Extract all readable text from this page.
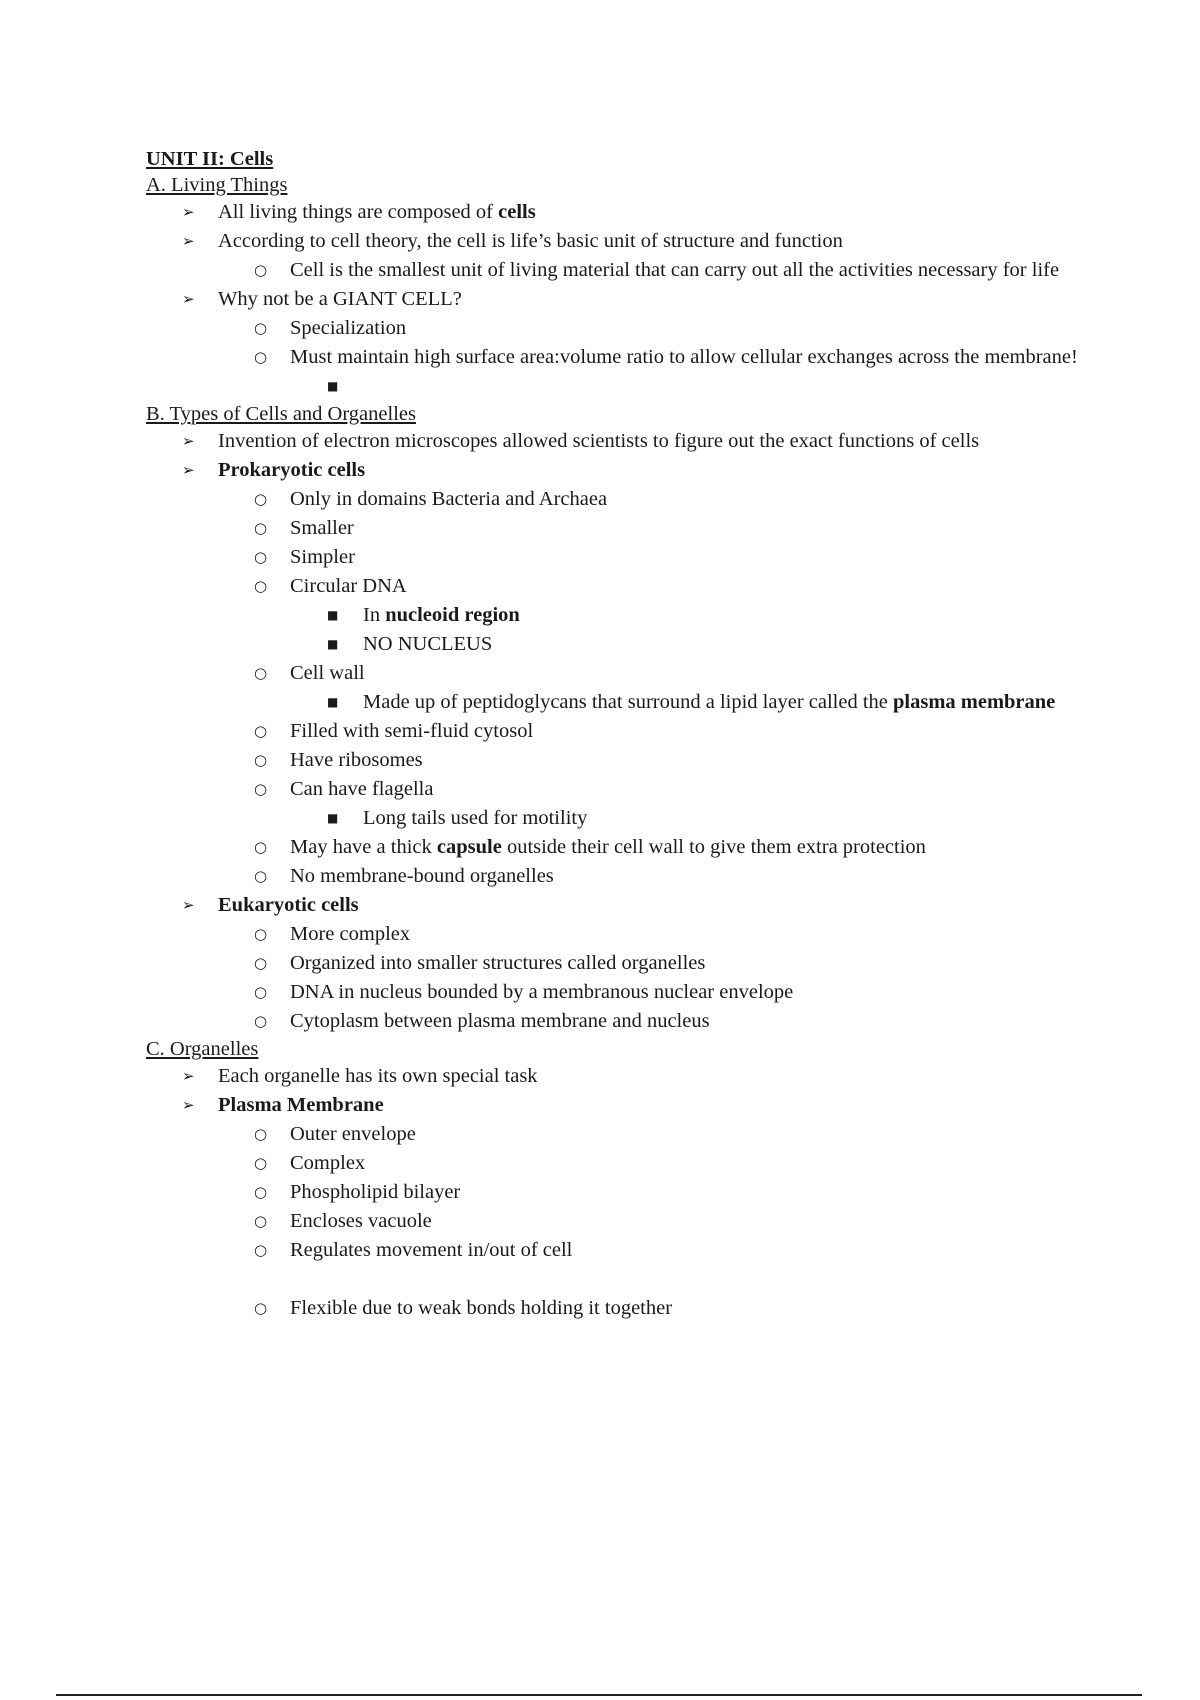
UNIT II: Cells
A. Living Things
➢ All living things are composed of cells
➢ According to cell theory, the cell is life’s basic unit of structure and function
○ Cell is the smallest unit of living material that can carry out all the activities necessary for life
➢ Why not be a GIANT CELL?
○ Specialization
○ Must maintain high surface area:volume ratio to allow cellular exchanges across the membrane!
■
B. Types of Cells and Organelles
➢ Invention of electron microscopes allowed scientists to figure out the exact functions of cells
➢ Prokaryotic cells
○ Only in domains Bacteria and Archaea
○ Smaller
○ Simpler
○ Circular DNA
■ In nucleoid region
■ NO NUCLEUS
○ Cell wall
■ Made up of peptidoglycans that surround a lipid layer called the plasma membrane
○ Filled with semi-fluid cytosol
○ Have ribosomes
○ Can have flagella
■ Long tails used for motility
○ May have a thick capsule outside their cell wall to give them extra protection
○ No membrane-bound organelles
➢ Eukaryotic cells
○ More complex
○ Organized into smaller structures called organelles
○ DNA in nucleus bounded by a membranous nuclear envelope
○ Cytoplasm between plasma membrane and nucleus
C. Organelles
➢ Each organelle has its own special task
➢ Plasma Membrane
○ Outer envelope
○ Complex
○ Phospholipid bilayer
○ Encloses vacuole
○ Regulates movement in/out of cell
○ Flexible due to weak bonds holding it together
